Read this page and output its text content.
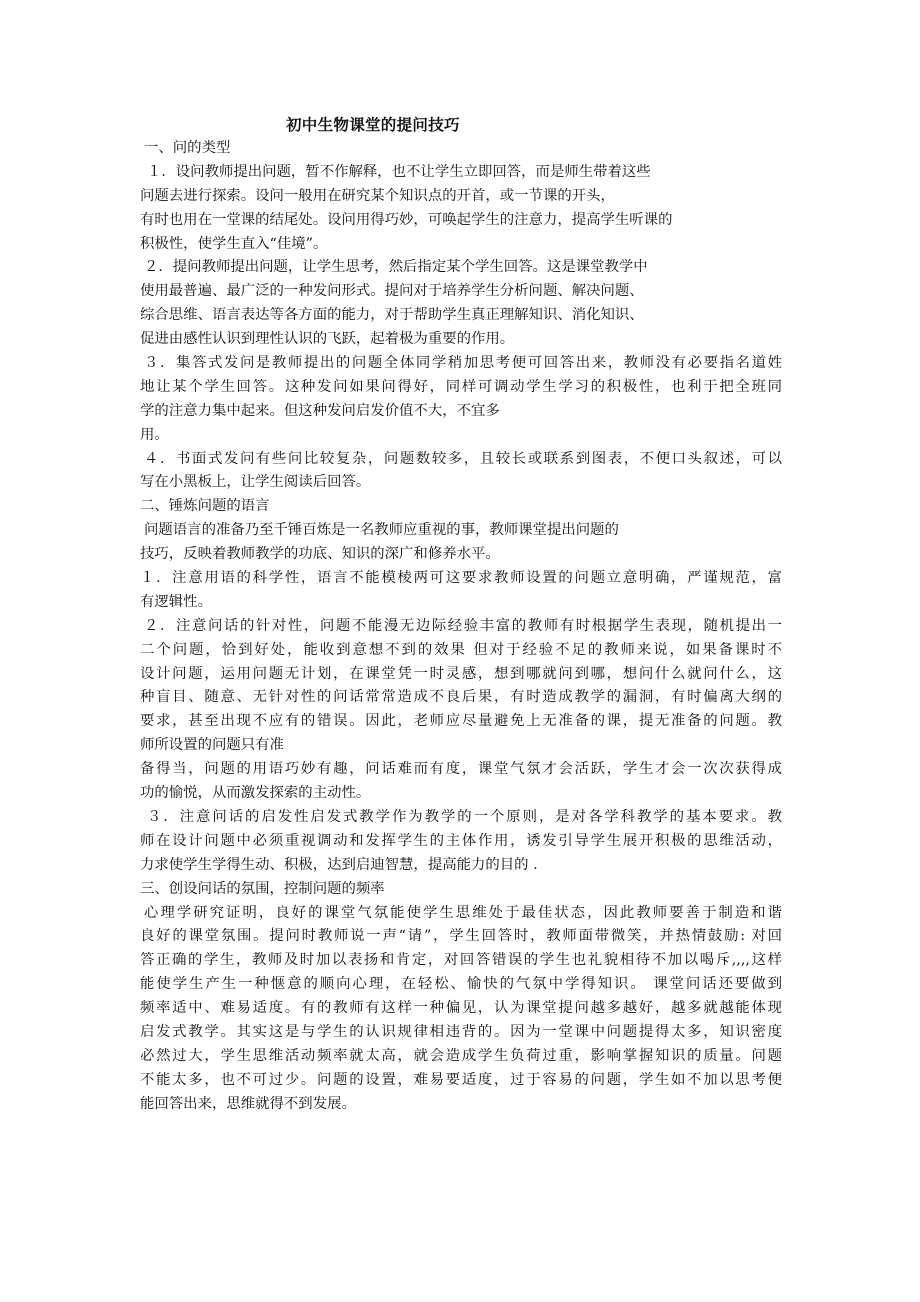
初中生物课堂的提问技巧
一、问的类型
１．设问教师提出问题，暂不作解释，也不让学生立即回答，而是师生带着这些
问题去进行探索。设问一般用在研究某个知识点的开首，或一节课的开头，
有时也用在一堂课的结尾处。设问用得巧妙，可唤起学生的注意力，提高学生听课的
积极性，使学生直入“佳境”。
２．提问教师提出问题，让学生思考，然后指定某个学生回答。这是课堂教学中
使用最普遍、最广泛的一种发问形式。提问对于培养学生分析问题、解决问题、
综合思维、语言表达等各方面的能力，对于帮助学生真正理解知识、消化知识、
促进由感性认识到理性认识的飞跃，起着极为重要的作用。
３．集答式发问是教师提出的问题全体同学稍加思考便可回答出来，教师没有必要指名道姓
地让某个学生回答。这种发问如果问得好，同样可调动学生学习的积极性，也利于把全班同
学的注意力集中起来。但这种发问启发价值不大，不宜多
用。
４．书面式发问有些问比较复杂，问题数较多，且较长或联系到图表，不便口头叙述，可以
写在小黑板上，让学生阅读后回答。
二、锤炼问题的语言
问题语言的准备乃至千锤百炼是一名教师应重视的事，教师课堂提出问题的
技巧，反映着教师教学的功底、知识的深广和修养水平。
１．注意用语的科学性，语言不能模棱两可这要求教师设置的问题立意明确，严谨规范，富
有逻辑性。
２．注意问话的针对性，问题不能漫无边际经验丰富的教师有时根据学生表现，随机提出一
二个问题，恰到好处，能收到意想不到的效果 但对于经验不足的教师来说，如果备课时不
设计问题，运用问题无计划，在课堂凭一时灵感，想到哪就问到哪，想问什么就问什么，这
种盲目、随意、无针对性的问话常常造成不良后果，有时造成教学的漏洞，有时偏离大纲的
要求，甚至出现不应有的错误。因此，老师应尽量避免上无准备的课，提无准备的问题。教
师所设置的问题只有准
备得当，问题的用语巧妙有趣，问话难而有度，课堂气氛才会活跃，学生才会一次次获得成
功的愉悦，从而激发探索的主动性。
３．注意问话的启发性启发式教学作为教学的一个原则，是对各学科教学的基本要求。教
师在设计问题中必须重视调动和发挥学生的主体作用，诱发引导学生展开积极的思维活动，
力求使学生学得生动、积极，达到启迪智慧，提高能力的目的 .
三、创设问话的氛围，控制问题的频率
心理学研究证明，良好的课堂气氛能使学生思维处于最佳状态，因此教师要善于制造和谐
良好的课堂氛围。提问时教师说一声“请”，学生回答时，教师面带微笑，并热情鼓励: 对回
答正确的学生，教师及时加以表扬和肯定，对回答错误的学生也礼貌相待不加以喝斥,,,,这样
能使学生产生一种惬意的顺向心理，在轻松、愉快的气氛中学得知识。 课堂问话还要做到
频率适中、难易适度。有的教师有这样一种偏见，认为课堂提问越多越好，越多就越能体现
启发式教学。其实这是与学生的认识规律相违背的。因为一堂课中问题提得太多，知识密度
必然过大，学生思维活动频率就太高，就会造成学生负荷过重，影响掌握知识的质量。问题
不能太多，也不可过少。问题的设置，难易要适度，过于容易的问题，学生如不加以思考便
能回答出来，思维就得不到发展。
